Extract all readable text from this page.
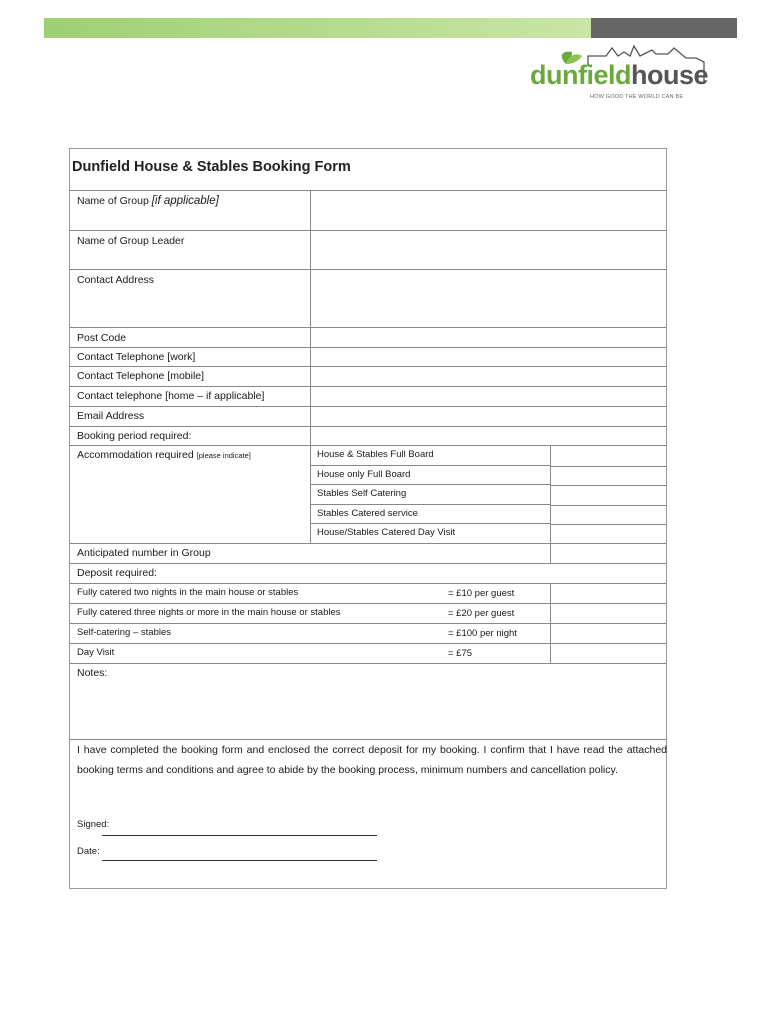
dunfieldhouse
HOW GOOD THE WORLD CAN BE
Dunfield House & Stables Booking Form
Name of Group [if applicable]
Name of Group Leader
Contact Address
Post Code
Contact Telephone [work]
Contact Telephone [mobile]
Contact telephone [home – if applicable]
Email Address
Booking period required:
Accommodation required [please indicate]	House & Stables Full Board
House only Full Board
Stables Self Catering
Stables Catered service
House/Stables Catered Day Visit
Anticipated number in Group
Deposit required:
Fully catered two nights in the main house or stables	= £10 per guest
Fully catered three nights or more in the main house or stables	= £20 per guest
Self-catering – stables	= £100 per night
Day Visit	= £75
Notes:
I have completed the booking form and enclosed the correct deposit for my booking. I confirm that I have read the attached booking terms and conditions and agree to abide by the booking process, minimum numbers and cancellation policy.
Signed:
Date:
